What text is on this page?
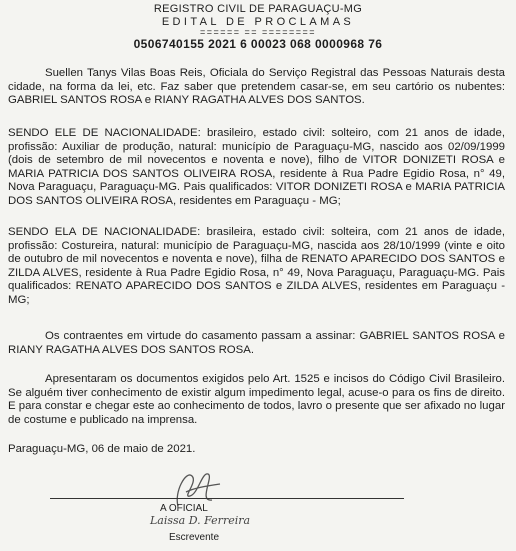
REGISTRO CIVIL DE PARAGUAÇU-MG
EDITAL DE PROCLAMAS
====== == ========
0506740155 2021 6 00023 068 0000968 76

Suellen Tanys Vilas Boas Reis, Oficiala do Serviço Registral das Pessoas Naturais desta cidade, na forma da lei, etc. Faz saber que pretendem casar-se, em seu cartório os nubentes: GABRIEL SANTOS ROSA e RIANY RAGATHA ALVES DOS SANTOS.

SENDO ELE DE NACIONALIDADE: brasileiro, estado civil: solteiro, com 21 anos de idade, profissão: Auxiliar de produção, natural: município de Paraguaçu-MG, nascido aos 02/09/1999 (dois de setembro de mil novecentos e noventa e nove), filho de VITOR DONIZETI ROSA e MARIA PATRICIA DOS SANTOS OLIVEIRA ROSA, residente à Rua Padre Egidio Rosa, n° 49, Nova Paraguaçu, Paraguaçu-MG. Pais qualificados: VITOR DONIZETI ROSA e MARIA PATRICIA DOS SANTOS OLIVEIRA ROSA, residentes em Paraguaçu - MG;

SENDO ELA DE NACIONALIDADE: brasileira, estado civil: solteira, com 21 anos de idade, profissão: Costureira, natural: município de Paraguaçu-MG, nascida aos 28/10/1999 (vinte e oito de outubro de mil novecentos e noventa e nove), filha de RENATO APARECIDO DOS SANTOS e ZILDA ALVES, residente à Rua Padre Egidio Rosa, n° 49, Nova Paraguaçu, Paraguaçu-MG. Pais qualificados: RENATO APARECIDO DOS SANTOS e ZILDA ALVES, residentes em Paraguaçu - MG;

Os contraentes em virtude do casamento passam a assinar: GABRIEL SANTOS ROSA e RIANY RAGATHA ALVES DOS SANTOS ROSA.

Apresentaram os documentos exigidos pelo Art. 1525 e incisos do Código Civil Brasileiro. Se alguém tiver conhecimento de existir algum impedimento legal, acuse-o para os fins de direito. E para constar e chegar este ao conhecimento de todos, lavro o presente que ser afixado no lugar de costume e publicado na imprensa.

Paraguaçu-MG, 06 de maio de 2021.

A OFICIAL
Laissa D. Ferreira
Escrevente
